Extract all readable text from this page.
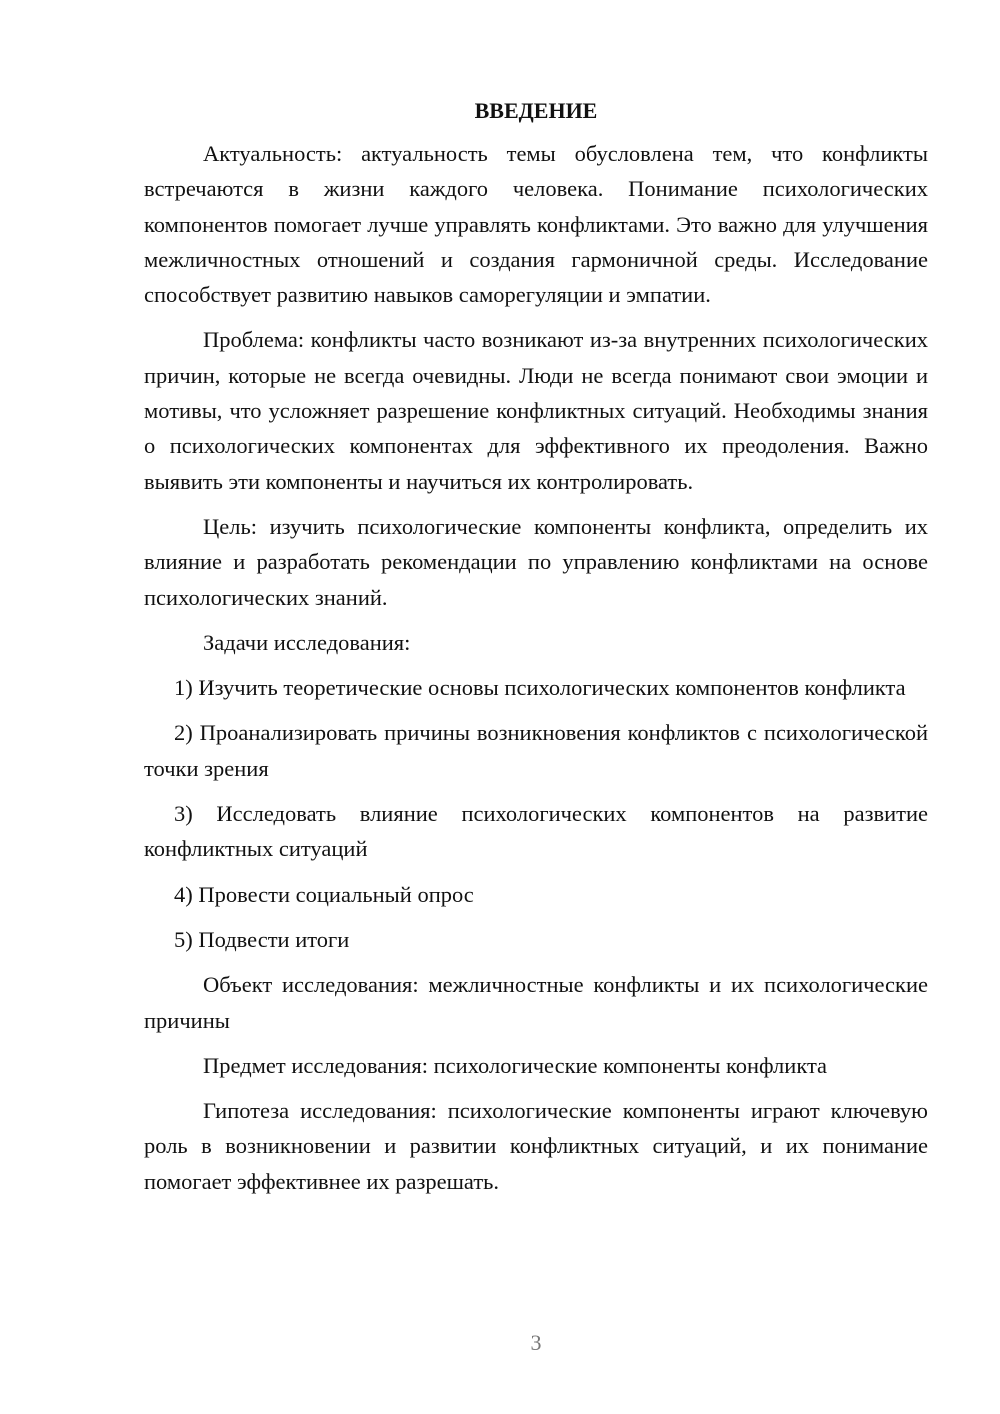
ВВЕДЕНИЕ

Актуальность: актуальность темы обусловлена тем, что конфликты встречаются в жизни каждого человека. Понимание психологических компонентов помогает лучше управлять конфликтами. Это важно для улучшения межличностных отношений и создания гармоничной среды. Исследование способствует развитию навыков саморегуляции и эмпатии.

Проблема: конфликты часто возникают из-за внутренних психологических причин, которые не всегда очевидны. Люди не всегда понимают свои эмоции и мотивы, что усложняет разрешение конфликтных ситуаций. Необходимы знания о психологических компонентах для эффективного их преодоления. Важно выявить эти компоненты и научиться их контролировать.

Цель: изучить психологические компоненты конфликта, определить их влияние и разработать рекомендации по управлению конфликтами на основе психологических знаний.

Задачи исследования:

1) Изучить теоретические основы психологических компонентов конфликта

2) Проанализировать причины возникновения конфликтов с психологической точки зрения

3) Исследовать влияние психологических компонентов на развитие конфликтных ситуаций

4) Провести социальный опрос

5) Подвести итоги

Объект исследования: межличностные конфликты и их психологические причины

Предмет исследования: психологические компоненты конфликта

Гипотеза исследования: психологические компоненты играют ключевую роль в возникновении и развитии конфликтных ситуаций, и их понимание помогает эффективнее их разрешать.

3
